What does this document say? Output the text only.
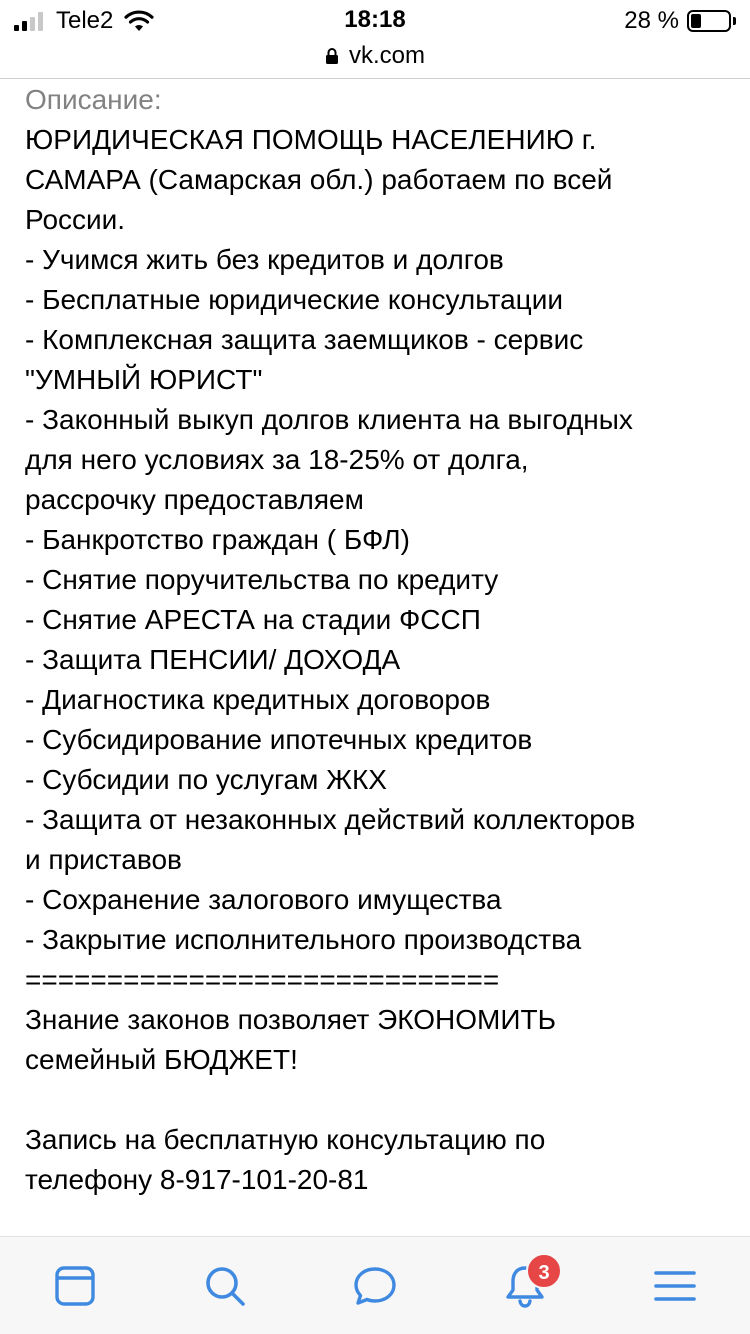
Tele2	18:18	28 %
vk.com
Описание:
ЮРИДИЧЕСКАЯ ПОМОЩЬ НАСЕЛЕНИЮ г.
САМАРА (Самарская обл.) работаем по всей
России.
- Учимся жить без кредитов и долгов
- Бесплатные юридические консультации
- Комплексная защита заемщиков - сервис
"УМНЫЙ ЮРИСТ"
- Законный выкуп долгов клиента на выгодных
для него условиях за 18-25% от долга,
рассрочку предоставляем
- Банкротство граждан ( БФЛ)
- Снятие поручительства по кредиту
- Снятие АРЕСТА на стадии ФССП
- Защита ПЕНСИИ/ ДОХОДА
- Диагностика кредитных договоров
- Субсидирование ипотечных кредитов
- Субсидии по услугам ЖКХ
- Защита от незаконных действий коллекторов
и приставов
- Сохранение залогового имущества
- Закрытие исполнительного производства
=============================
Знание законов позволяет ЭКОНОМИТЬ
семейный БЮДЖЕТ!
Запись на бесплатную консультацию по
телефону 8-917-101-20-81
3
